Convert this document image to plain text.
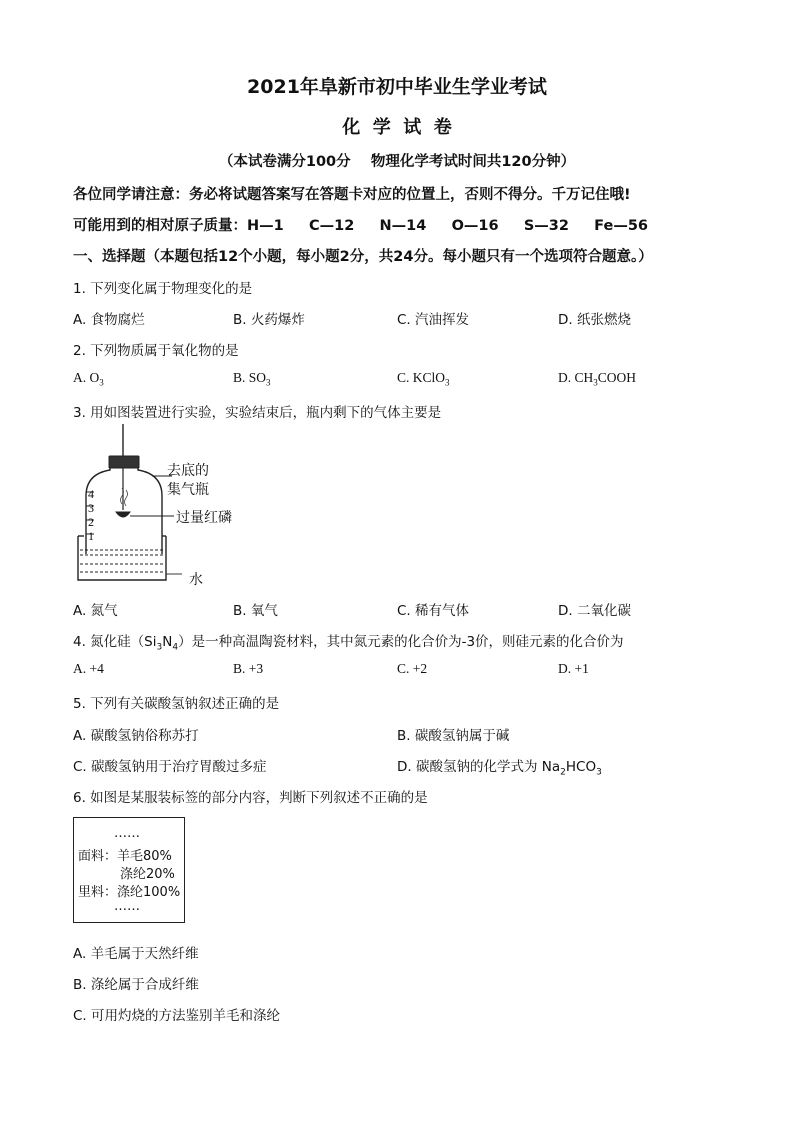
2021年阜新市初中毕业生学业考试
化  学  试  卷
（本试卷满分100分    物理化学考试时间共120分钟）
各位同学请注意：务必将试题答案写在答题卡对应的位置上，否则不得分。千万记住哦!
可能用到的相对原子质量：H—1     C—12     N—14     O—16     S—32     Fe—56
一、选择题（本题包括12个小题，每小题2分，共24分。每小题只有一个选项符合题意。）
1. 下列变化属于物理变化的是
A. 食物腐烂	B. 火药爆炸	C. 汽油挥发	D. 纸张燃烧
2. 下列物质属于氧化物的是
A. $O_3$	B. $SO_3$	C. KClO$_3$	D. $CH_3COOH$
3. 用如图装置进行实验，实验结束后，瓶内剩下的气体主要是
4
3
2
1
去底的
集气瓶
过量红磷
水
A. 氮气	B. 氧气	C. 稀有气体	D. 二氧化碳
4. 氮化硅$(Si_3N_4)$是一种高温陶瓷材料，其中氮元素的化合价为-3价，则硅元素的化合价为
A. +4	B. +3	C. +2	D. +1
5. 下列有关碳酸氢钠叙述正确的是
A. 碳酸氢钠俗称苏打	B. 碳酸氢钠属于碱
C. 碳酸氢钠用于治疗胃酸过多症	D. 碳酸氢钠的化学式为 $Na_2HCO_3$
6. 如图是某服装标签的部分内容，判断下列叙述不正确的是
……
面料：羊毛80%
涤纶20%
里料：涤纶100%
……
A. 羊毛属于天然纤维
B. 涤纶属于合成纤维
C. 可用灼烧的方法鉴别羊毛和涤纶
